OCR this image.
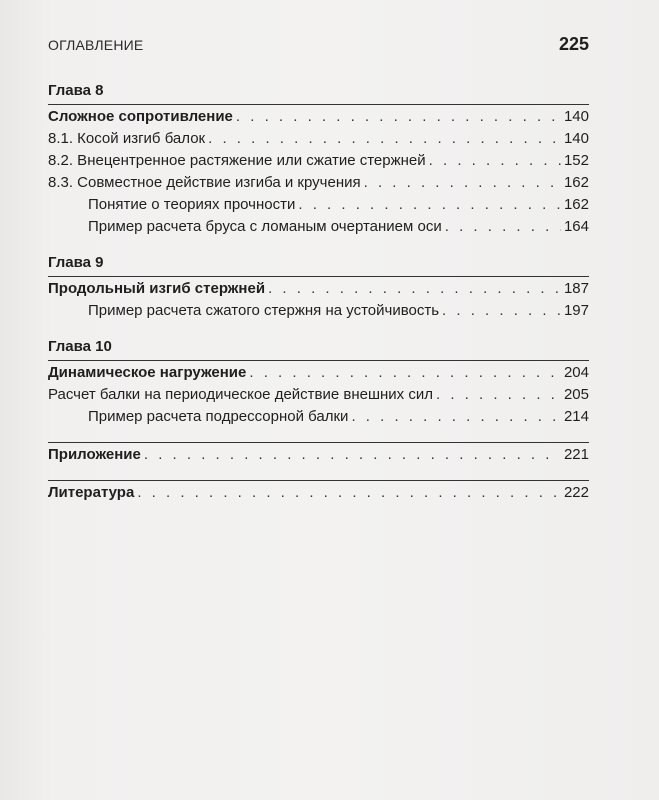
ОГЛАВЛЕНИЕ	225
Глава 8
Сложное сопротивление . . .	140
8.1. Косой изгиб балок . . .	140
8.2. Внецентренное растяжение или сжатие стержней . . .	152
8.3. Совместное действие изгиба и кручения . . .	162
Понятие о теориях прочности . . .	162
Пример расчета бруса с ломаным очертанием оси . . .	164
Глава 9
Продольный изгиб стержней . . .	187
Пример расчета сжатого стержня на устойчивость . . .	197
Глава 10
Динамическое нагружение . . .	204
Расчет балки на периодическое действие внешних сил . . .	205
Пример расчета подрессорной балки . . .	214
Приложение . . .	221
Литература . . .	222
